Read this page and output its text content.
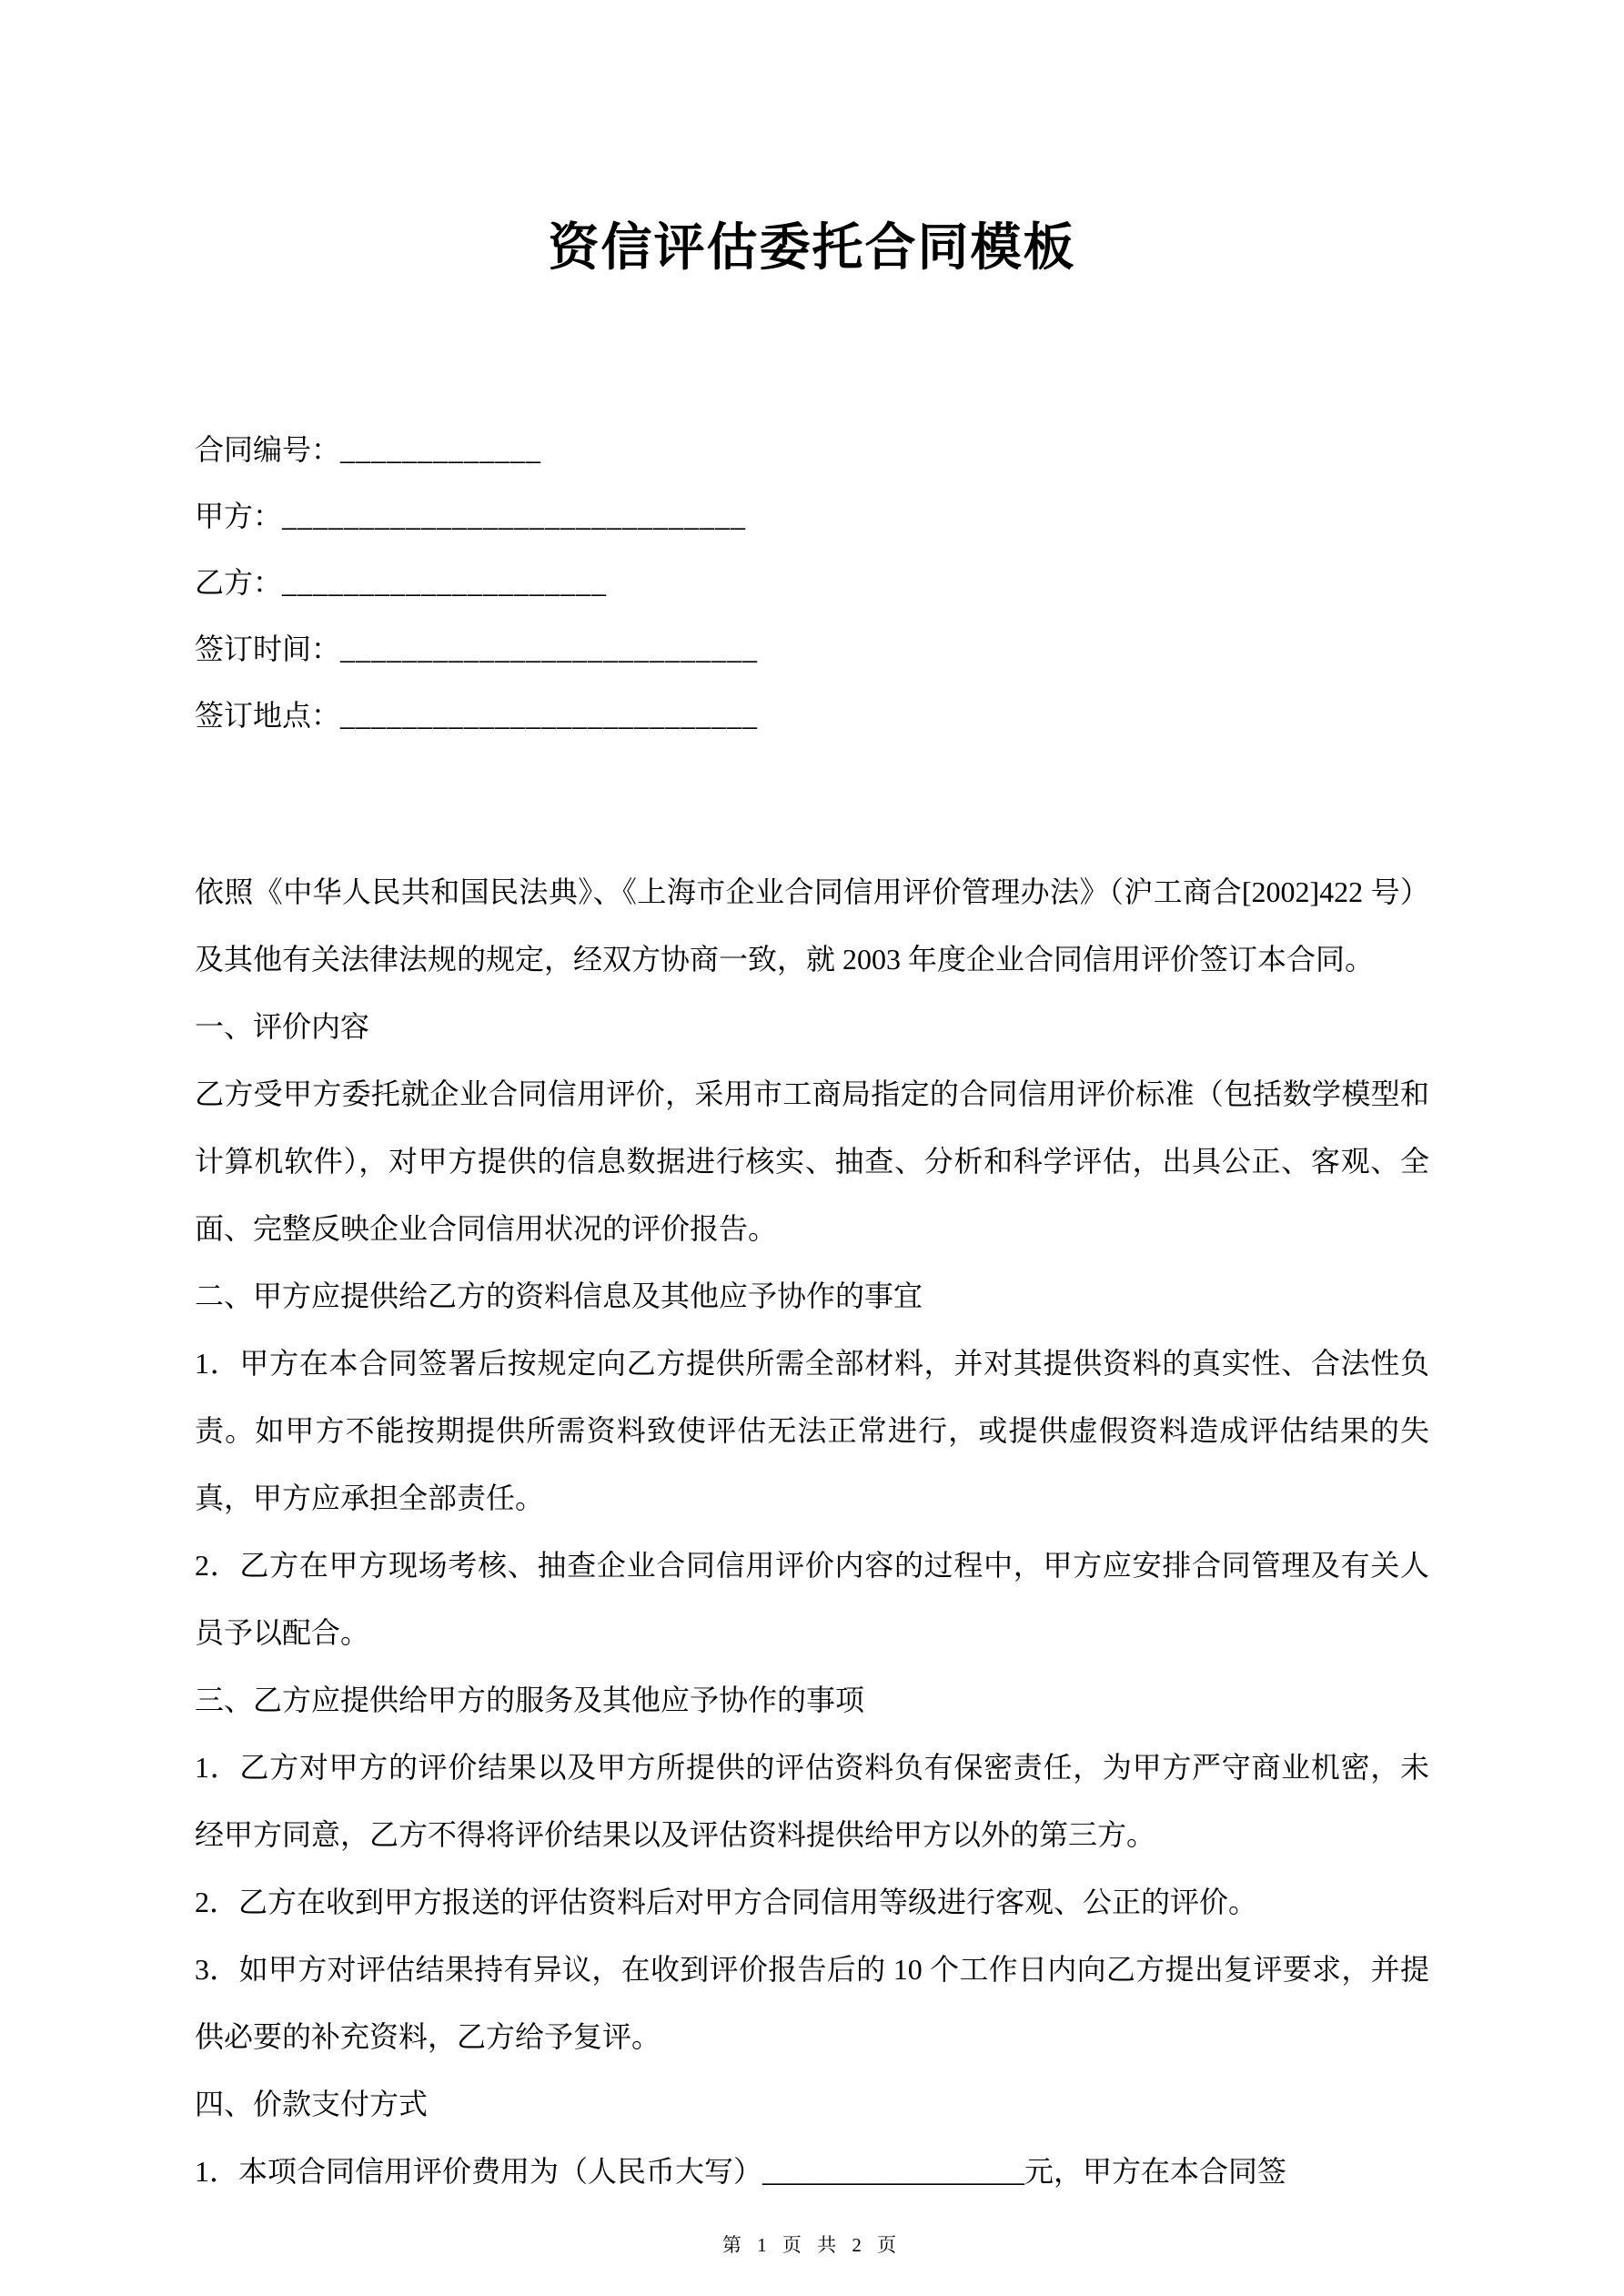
资信评估委托合同模板
合同编号：_____________
甲方：______________________________
乙方：_____________________
签订时间：___________________________
签订地点：___________________________

依照《中华人民共和国民法典》、《上海市企业合同信用评价管理办法》（沪工商合[2002]422 号）及其他有关法律法规的规定，经双方协商一致，就 2003 年度企业合同信用评价签订本合同。

一、评价内容

乙方受甲方委托就企业合同信用评价，采用市工商局指定的合同信用评价标准（包括数学模型和计算机软件），对甲方提供的信息数据进行核实、抽查、分析和科学评估，出具公正、客观、全面、完整反映企业合同信用状况的评价报告。

二、甲方应提供给乙方的资料信息及其他应予协作的事宜

1．甲方在本合同签署后按规定向乙方提供所需全部材料，并对其提供资料的真实性、合法性负责。如甲方不能按期提供所需资料致使评估无法正常进行，或提供虚假资料造成评估结果的失真，甲方应承担全部责任。

2．乙方在甲方现场考核、抽查企业合同信用评价内容的过程中，甲方应安排合同管理及有关人员予以配合。

三、乙方应提供给甲方的服务及其他应予协作的事项

1．乙方对甲方的评价结果以及甲方所提供的评估资料负有保密责任，为甲方严守商业机密，未经甲方同意，乙方不得将评价结果以及评估资料提供给甲方以外的第三方。

2．乙方在收到甲方报送的评估资料后对甲方合同信用等级进行客观、公正的评价。

3．如甲方对评估结果持有异议，在收到评价报告后的 10 个工作日内向乙方提出复评要求，并提供必要的补充资料，乙方给予复评。

四、价款支付方式

1．本项合同信用评价费用为（人民币大写）__________________元，甲方在本合同签

第 1 页 共 2 页
